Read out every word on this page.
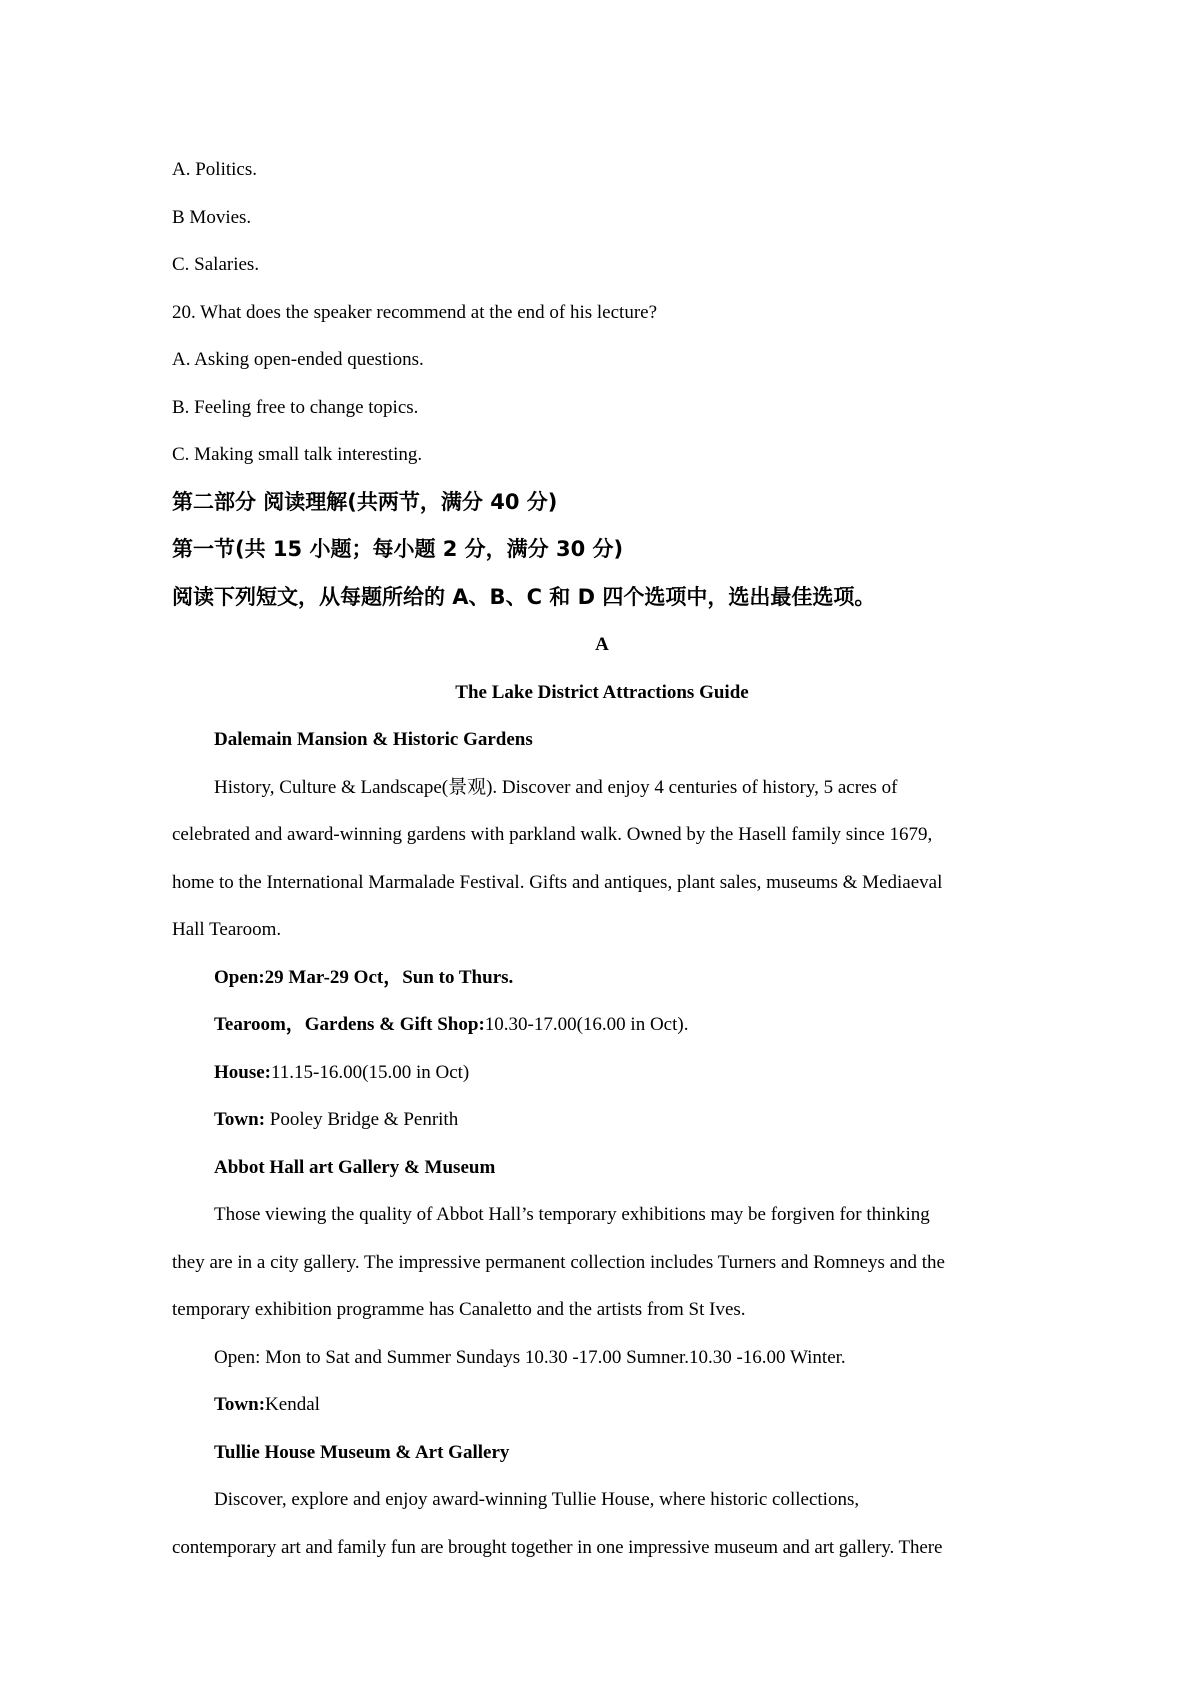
A. Politics.
B Movies.
C. Salaries.
20. What does the speaker recommend at the end of his lecture?
A. Asking open-ended questions.
B. Feeling free to change topics.
C. Making small talk interesting.
第二部分 阅读理解(共两节，满分 40 分)
第一节(共 15 小题；每小题 2 分，满分 30 分)
阅读下列短文，从每题所给的 A、B、C 和 D 四个选项中，选出最佳选项。
A
The Lake District Attractions Guide
Dalemain Mansion & Historic Gardens
History, Culture & Landscape(景观). Discover and enjoy 4 centuries of history, 5 acres of
celebrated and award-winning gardens with parkland walk. Owned by the Hasell family since 1679,
home to the International Marmalade Festival. Gifts and antiques, plant sales, museums & Mediaeval
Hall Tearoom.
Open:29 Mar-29 Oct，Sun to Thurs.
Tearoom，Gardens & Gift Shop:10.30-17.00(16.00 in Oct).
House:11.15-16.00(15.00 in Oct)
Town: Pooley Bridge & Penrith
Abbot Hall art Gallery & Museum
Those viewing the quality of Abbot Hall’s temporary exhibitions may be forgiven for thinking
they are in a city gallery. The impressive permanent collection includes Turners and Romneys and the
temporary exhibition programme has Canaletto and the artists from St Ives.
Open: Mon to Sat and Summer Sundays 10.30 -17.00 Sumner.10.30 -16.00 Winter.
Town:Kendal
Tullie House Museum & Art Gallery
Discover, explore and enjoy award-winning Tullie House, where historic collections,
contemporary art and family fun are brought together in one impressive museum and art gallery. There
